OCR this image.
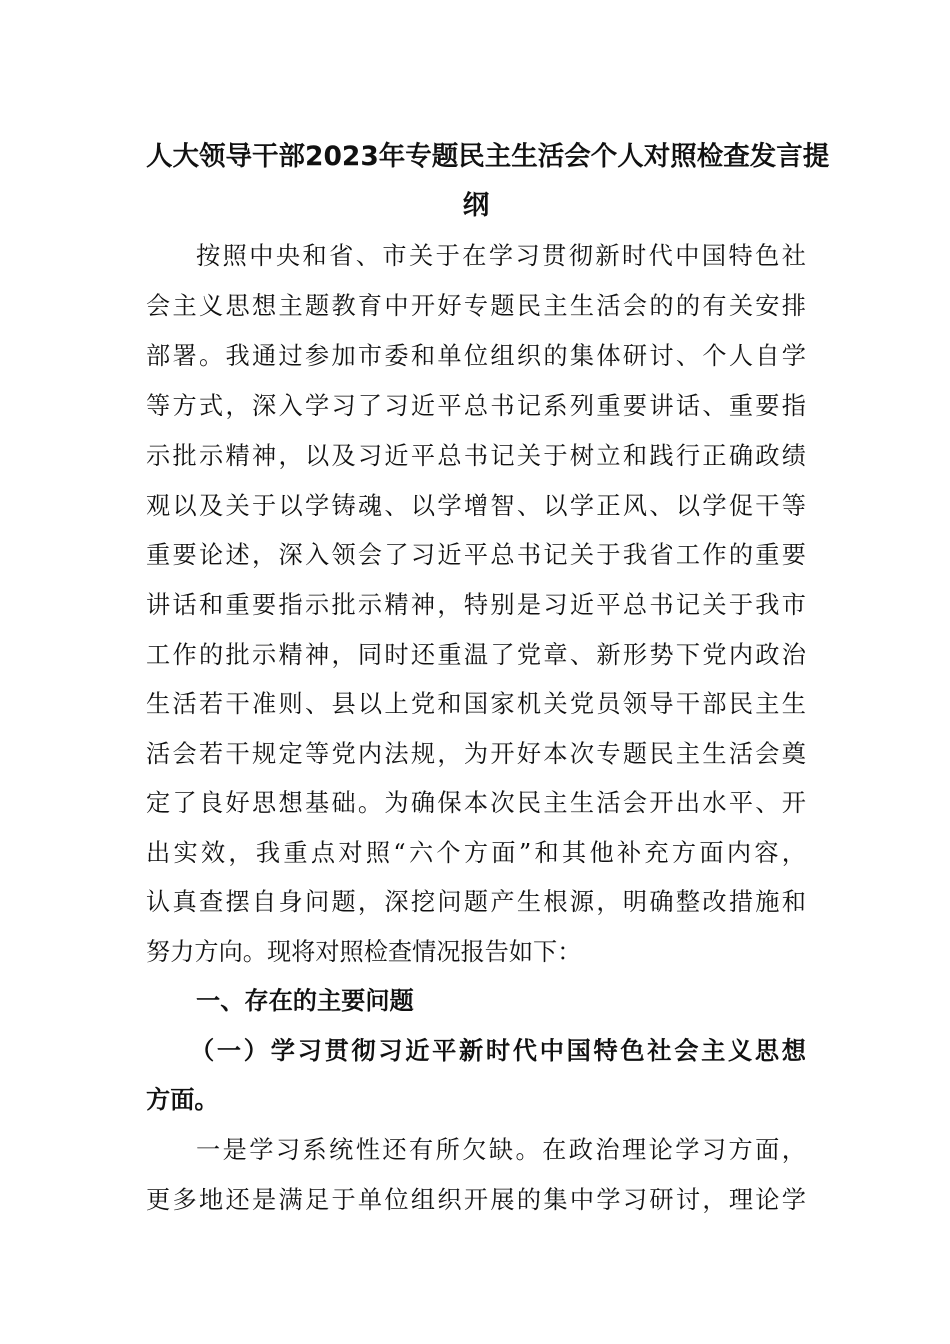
人大领导干部2023年专题民主生活会个人对照检查发言提
纲
按照中央和省、市关于在学习贯彻新时代中国特色社
会主义思想主题教育中开好专题民主生活会的的有关安排
部署。我通过参加市委和单位组织的集体研讨、个人自学
等方式，深入学习了习近平总书记系列重要讲话、重要指
示批示精神，以及习近平总书记关于树立和践行正确政绩
观以及关于以学铸魂、以学增智、以学正风、以学促干等
重要论述，深入领会了习近平总书记关于我省工作的重要
讲话和重要指示批示精神，特别是习近平总书记关于我市
工作的批示精神，同时还重温了党章、新形势下党内政治
生活若干准则、县以上党和国家机关党员领导干部民主生
活会若干规定等党内法规，为开好本次专题民主生活会奠
定了良好思想基础。为确保本次民主生活会开出水平、开
出实效，我重点对照“六个方面”和其他补充方面内容，
认真查摆自身问题，深挖问题产生根源，明确整改措施和
努力方向。现将对照检查情况报告如下：
一、存在的主要问题
（一）学习贯彻习近平新时代中国特色社会主义思想
方面。
一是学习系统性还有所欠缺。在政治理论学习方面，
更多地还是满足于单位组织开展的集中学习研讨，理论学
